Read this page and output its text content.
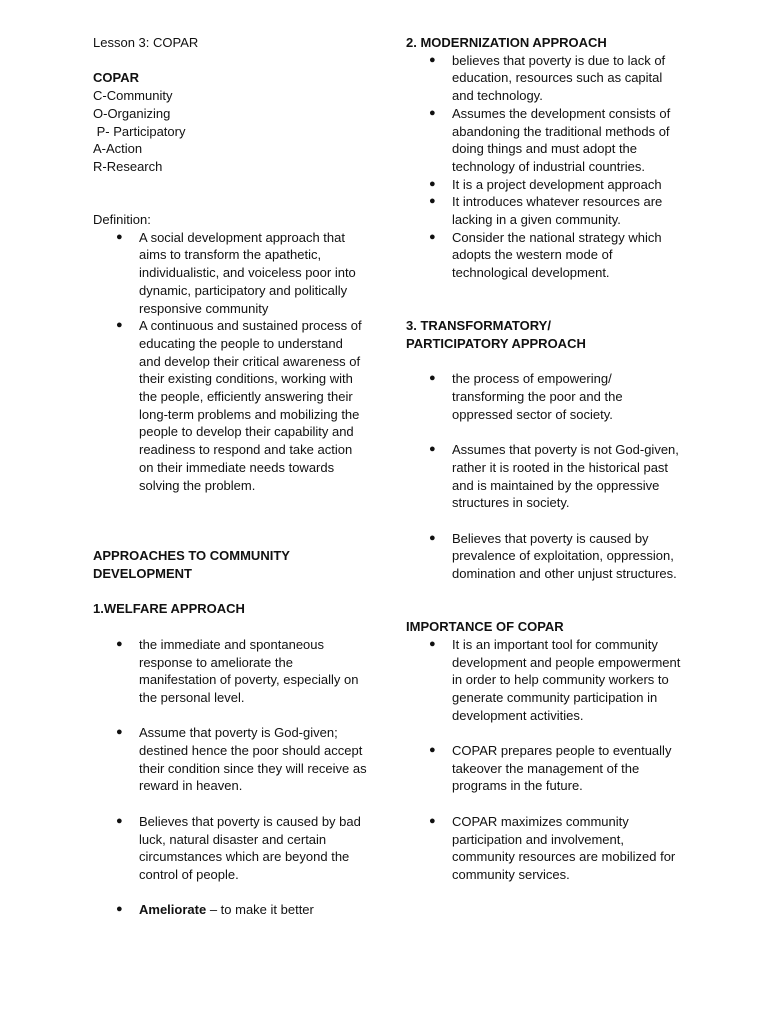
Lesson 3: COPAR

COPAR

C-Community

O-Organizing

P- Participatory

A-Action

R-Research

Definition:

● A social development approach that aims to transform the apathetic, individualistic, and voiceless poor into dynamic, participatory and politically responsive community
● A continuous and sustained process of educating the people to understand and develop their critical awareness of their existing conditions, working with the people, efficiently answering their long-term problems and mobilizing the people to develop their capability and readiness to respond and take action on their immediate needs towards solving the problem.

APPROACHES TO COMMUNITY DEVELOPMENT

1.WELFARE APPROACH

● the immediate and spontaneous response to ameliorate the manifestation of poverty, especially on the personal level.
● Assume that poverty is God-given; destined hence the poor should accept their condition since they will receive as reward in heaven.
● Believes that poverty is caused by bad luck, natural disaster and certain circumstances which are beyond the control of people.
● Ameliorate – to make it better

2. MODERNIZATION APPROACH

● believes that poverty is due to lack of education, resources such as capital and technology.
● Assumes the development consists of abandoning the traditional methods of doing things and must adopt the technology of industrial countries.
● It is a project development approach
● It introduces whatever resources are lacking in a given community.
● Consider the national strategy which adopts the western mode of technological development.

3. TRANSFORMATORY/

PARTICIPATORY APPROACH

● the process of empowering/ transforming the poor and the oppressed sector of society.
● Assumes that poverty is not God-given, rather it is rooted in the historical past and is maintained by the oppressive structures in society.
● Believes that poverty is caused by prevalence of exploitation, oppression, domination and other unjust structures.

IMPORTANCE OF COPAR

● It is an important tool for community development and people empowerment in order to help community workers to generate community participation in development activities.
● COPAR prepares people to eventually takeover the management of the programs in the future.
● COPAR maximizes community participation and involvement, community resources are mobilized for community services.
